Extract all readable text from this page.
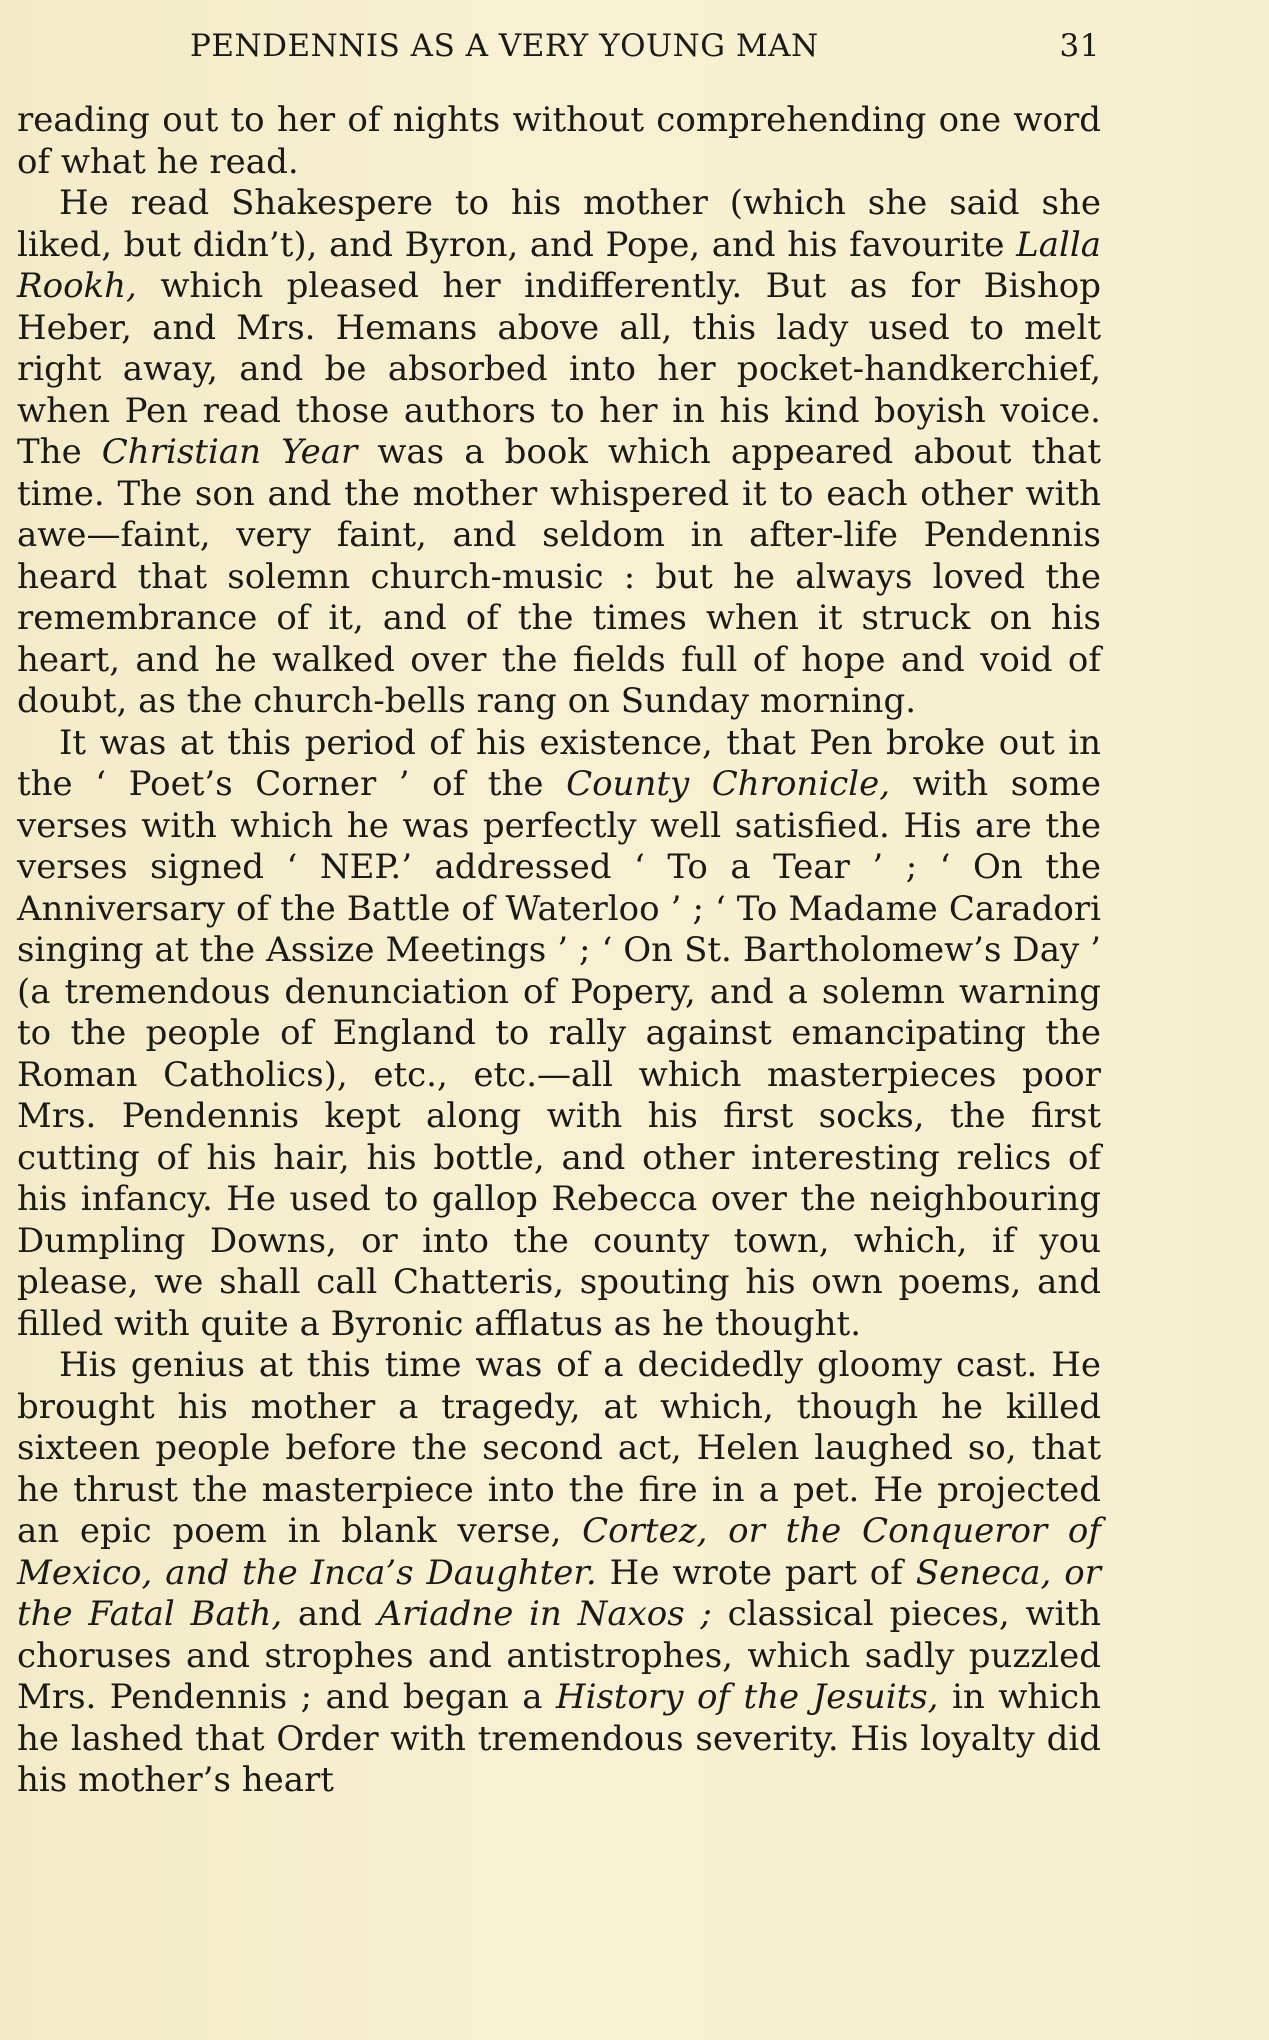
PENDENNIS AS A VERY YOUNG MAN	31

reading out to her of nights without comprehending one word of what he read.

He read Shakespere to his mother (which she said she liked, but didn’t), and Byron, and Pope, and his favourite Lalla Rookh, which pleased her indifferently. But as for Bishop Heber, and Mrs. Hemans above all, this lady used to melt right away, and be absorbed into her pocket-handkerchief, when Pen read those authors to her in his kind boyish voice. The Christian Year was a book which appeared about that time. The son and the mother whispered it to each other with awe—faint, very faint, and seldom in after-life Pendennis heard that solemn church-music : but he always loved the remembrance of it, and of the times when it struck on his heart, and he walked over the fields full of hope and void of doubt, as the church-bells rang on Sunday morning.

It was at this period of his existence, that Pen broke out in the ‘ Poet’s Corner ’ of the County Chronicle, with some verses with which he was perfectly well satisfied. His are the verses signed ‘ NEP.’ addressed ‘ To a Tear ’ ; ‘ On the Anniversary of the Battle of Waterloo ’ ; ‘ To Madame Caradori singing at the Assize Meetings ’ ; ‘ On St. Bartholomew’s Day ’ (a tremendous denunciation of Popery, and a solemn warning to the people of England to rally against emancipating the Roman Catholics), etc., etc.—all which masterpieces poor Mrs. Pendennis kept along with his first socks, the first cutting of his hair, his bottle, and other interesting relics of his infancy. He used to gallop Rebecca over the neighbouring Dumpling Downs, or into the county town, which, if you please, we shall call Chatteris, spouting his own poems, and filled with quite a Byronic afflatus as he thought.

His genius at this time was of a decidedly gloomy cast. He brought his mother a tragedy, at which, though he killed sixteen people before the second act, Helen laughed so, that he thrust the masterpiece into the fire in a pet. He projected an epic poem in blank verse, Cortez, or the Conqueror of Mexico, and the Inca’s Daughter. He wrote part of Seneca, or the Fatal Bath, and Ariadne in Naxos ; classical pieces, with choruses and strophes and antistrophes, which sadly puzzled Mrs. Pendennis ; and began a History of the Jesuits, in which he lashed that Order with tremendous severity. His loyalty did his mother’s heart
